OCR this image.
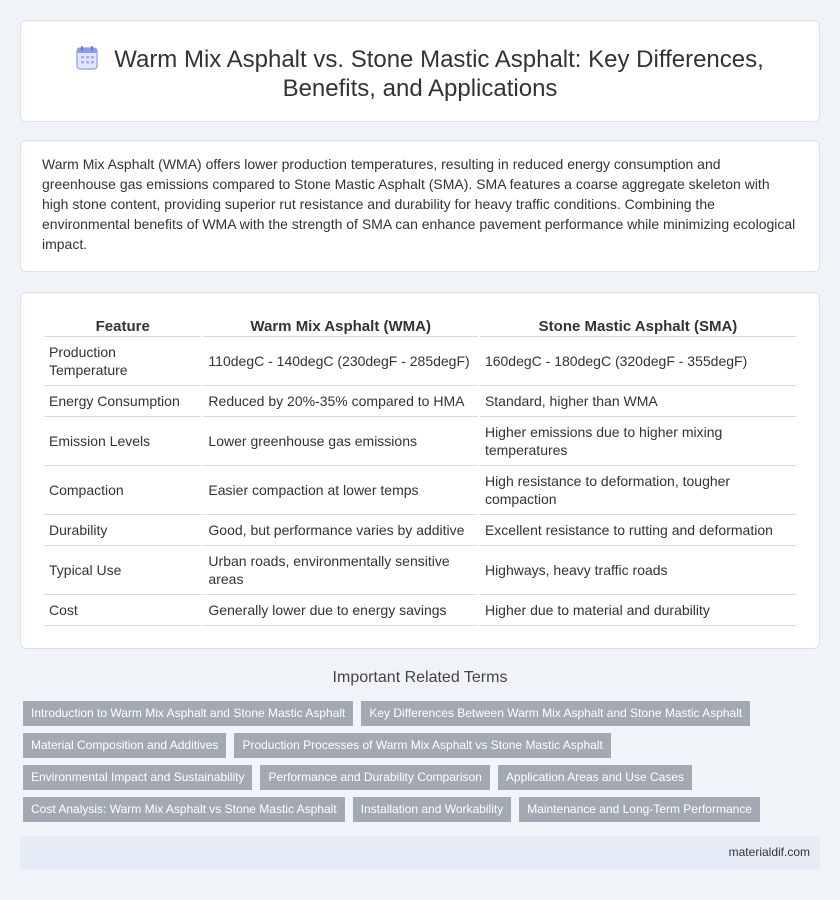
Warm Mix Asphalt vs. Stone Mastic Asphalt: Key Differences,
Benefits, and Applications

Warm Mix Asphalt (WMA) offers lower production temperatures, resulting in reduced energy consumption and greenhouse gas emissions compared to Stone Mastic Asphalt (SMA). SMA features a coarse aggregate skeleton with high stone content, providing superior rut resistance and durability for heavy traffic conditions. Combining the environmental benefits of WMA with the strength of SMA can enhance pavement performance while minimizing ecological impact.

Feature	Warm Mix Asphalt (WMA)	Stone Mastic Asphalt (SMA)
Production Temperature	110degC - 140degC (230degF - 285degF)	160degC - 180degC (320degF - 355degF)
Energy Consumption	Reduced by 20%-35% compared to HMA	Standard, higher than WMA
Emission Levels	Lower greenhouse gas emissions	Higher emissions due to higher mixing temperatures
Compaction	Easier compaction at lower temps	High resistance to deformation, tougher compaction
Durability	Good, but performance varies by additive	Excellent resistance to rutting and deformation
Typical Use	Urban roads, environmentally sensitive areas	Highways, heavy traffic roads
Cost	Generally lower due to energy savings	Higher due to material and durability
Important Related Terms
Introduction to Warm Mix Asphalt and Stone Mastic Asphalt	Key Differences Between Warm Mix Asphalt and Stone Mastic Asphalt
Material Composition and Additives	Production Processes of Warm Mix Asphalt vs Stone Mastic Asphalt
Environmental Impact and Sustainability	Performance and Durability Comparison	Application Areas and Use Cases
Cost Analysis: Warm Mix Asphalt vs Stone Mastic Asphalt	Installation and Workability	Maintenance and Long-Term Performance
materialdif.com
